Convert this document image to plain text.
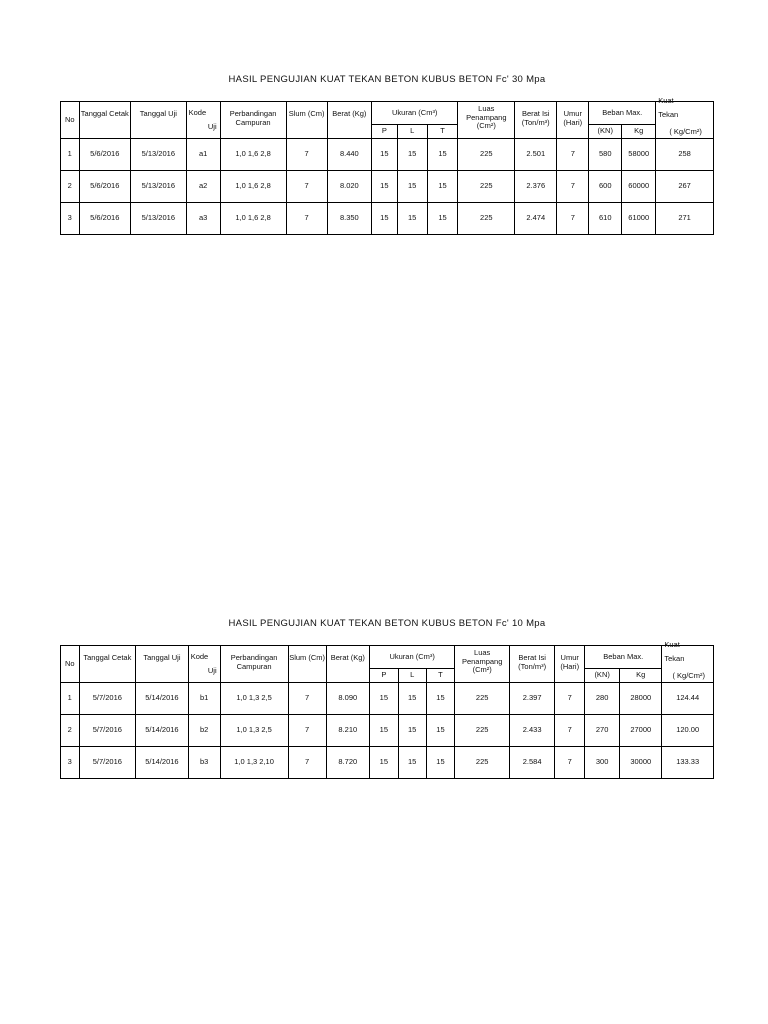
HASIL PENGUJIAN KUAT TEKAN BETON KUBUS BETON Fc' 30 Mpa
No	Tanggal Cetak	Tanggal Uji	Kode
Uji	Perbandingan Campuran	Slum (Cm)	Berat (Kg)	Ukuran (Cm³)			Luas Penampang (Cm²)	Berat Isi (Ton/m³)	Umur (Hari)	Beban Max.		Kuat
Tekan
( Kg/Cm²)

							P	L	T				(KN)	Kg	
1	5/6/2016	5/13/2016	a1	1,0 1,6 2,8	7	8.440	15	15	15	225	2.501	7	580	58000	258
2	5/6/2016	5/13/2016	a2	1,0 1,6 2,8	7	8.020	15	15	15	225	2.376	7	600	60000	267
3	5/6/2016	5/13/2016	a3	1,0 1,6 2,8	7	8.350	15	15	15	225	2.474	7	610	61000	271
HASIL PENGUJIAN KUAT TEKAN BETON KUBUS BETON Fc' 10 Mpa
No	Tanggal Cetak	Tanggal Uji	Kode
Uji	Perbandingan Campuran	Slum (Cm)	Berat (Kg)	Ukuran (Cm³)			Luas Penampang (Cm²)	Berat Isi (Ton/m³)	Umur (Hari)	Beban Max.		Kuat
Tekan
( Kg/Cm²)

							P	L	T				(KN)	Kg	
1	5/7/2016	5/14/2016	b1	1,0 1,3 2,5	7	8.090	15	15	15	225	2.397	7	280	28000	124.44
2	5/7/2016	5/14/2016	b2	1,0 1,3 2,5	7	8.210	15	15	15	225	2.433	7	270	27000	120.00
3	5/7/2016	5/14/2016	b3	1,0 1,3 2,10	7	8.720	15	15	15	225	2.584	7	300	30000	133.33
